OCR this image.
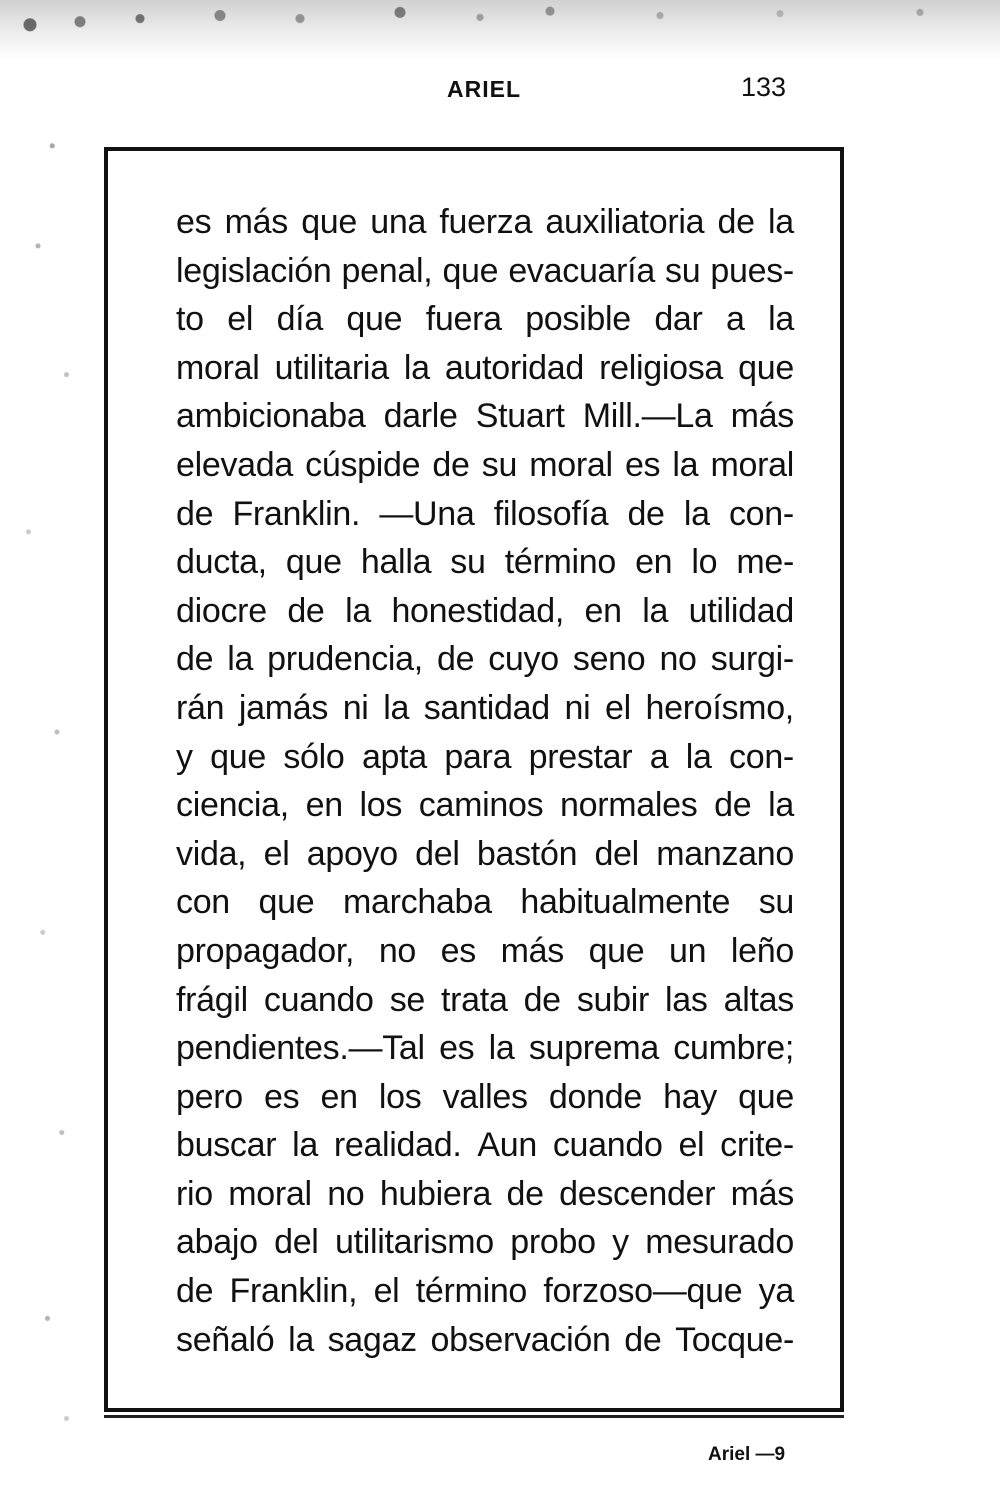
ARIEL	133
es más que una fuerza auxiliatoria de la
legislación penal, que evacuaría su pues-
to el día que fuera posible dar a la
moral utilitaria la autoridad religiosa que
ambicionaba darle Stuart Mill.—La más
elevada cúspide de su moral es la moral
de Franklin. —Una filosofía de la con-
ducta, que halla su término en lo me-
diocre de la honestidad, en la utilidad
de la prudencia, de cuyo seno no surgi-
rán jamás ni la santidad ni el heroísmo,
y que sólo apta para prestar a la con-
ciencia, en los caminos normales de la
vida, el apoyo del bastón del manzano
con que marchaba habitualmente su
propagador, no es más que un leño
frágil cuando se trata de subir las altas
pendientes.—Tal es la suprema cumbre;
pero es en los valles donde hay que
buscar la realidad. Aun cuando el crite-
rio moral no hubiera de descender más
abajo del utilitarismo probo y mesurado
de Franklin, el término forzoso—que ya
señaló la sagaz observación de Tocque-
Ariel —9
